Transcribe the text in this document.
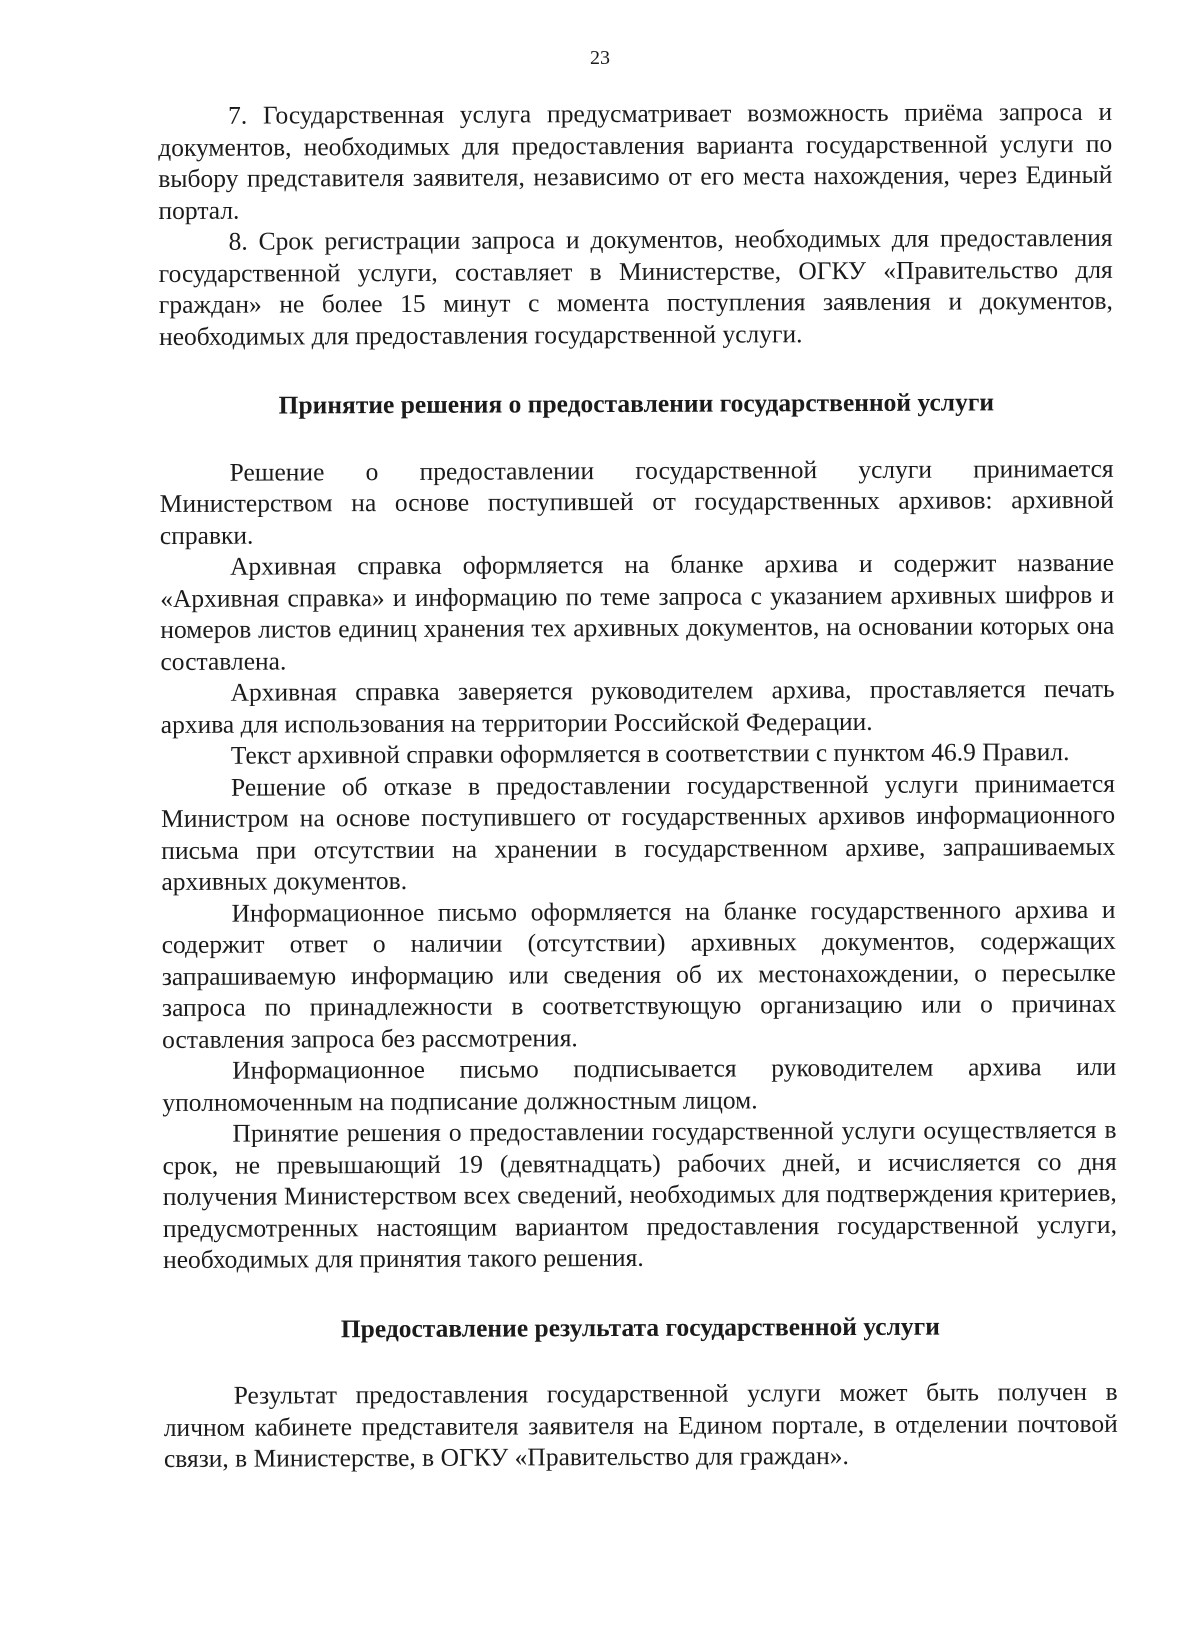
23

7. Государственная услуга предусматривает возможность приёма запроса и документов, необходимых для предоставления варианта государственной услуги по выбору представителя заявителя, независимо от его места нахождения, через Единый портал.

8. Срок регистрации запроса и документов, необходимых для предоставления государственной услуги, составляет в Министерстве, ОГКУ «Правительство для граждан» не более 15 минут с момента поступления заявления и документов, необходимых для предоставления государственной услуги.

Принятие решения о предоставлении государственной услуги

Решение о предоставлении государственной услуги принимается Министерством на основе поступившей от государственных архивов: архивной справки.

Архивная справка оформляется на бланке архива и содержит название «Архивная справка» и информацию по теме запроса с указанием архивных шифров и номеров листов единиц хранения тех архивных документов, на основании которых она составлена.

Архивная справка заверяется руководителем архива, проставляется печать архива для использования на территории Российской Федерации.

Текст архивной справки оформляется в соответствии с пунктом 46.9 Правил.

Решение об отказе в предоставлении государственной услуги принимается Министром на основе поступившего от государственных архивов информационного письма при отсутствии на хранении в государственном архиве, запрашиваемых архивных документов.

Информационное письмо оформляется на бланке государственного архива и содержит ответ о наличии (отсутствии) архивных документов, содержащих запрашиваемую информацию или сведения об их местонахождении, о пересылке запроса по принадлежности в соответствующую организацию или о причинах оставления запроса без рассмотрения.

Информационное письмо подписывается руководителем архива или уполномоченным на подписание должностным лицом.

Принятие решения о предоставлении государственной услуги осуществляется в срок, не превышающий 19 (девятнадцать) рабочих дней, и исчисляется со дня получения Министерством всех сведений, необходимых для подтверждения критериев, предусмотренных настоящим вариантом предоставления государственной услуги, необходимых для принятия такого решения.

Предоставление результата государственной услуги

Результат предоставления государственной услуги может быть получен в личном кабинете представителя заявителя на Едином портале, в отделении почтовой связи, в Министерстве, в ОГКУ «Правительство для граждан».
